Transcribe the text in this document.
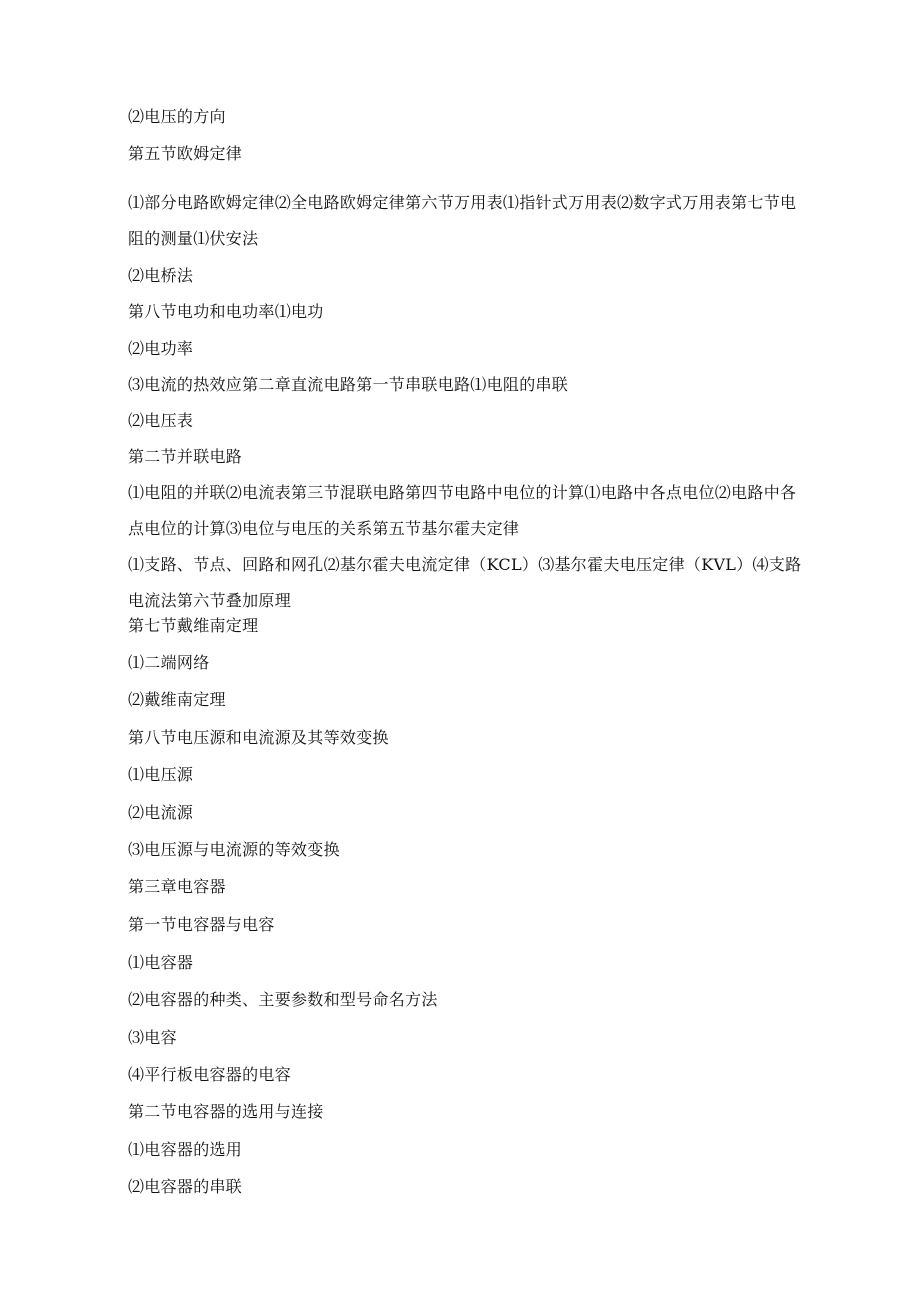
⑵电压的方向
第五节欧姆定律
⑴部分电路欧姆定律⑵全电路欧姆定律第六节万用表⑴指针式万用表⑵数字式万用表第七节电
阻的测量⑴伏安法
⑵电桥法
第八节电功和电功率⑴电功
⑵电功率
⑶电流的热效应第二章直流电路第一节串联电路⑴电阻的串联
⑵电压表
第二节并联电路
⑴电阻的并联⑵电流表第三节混联电路第四节电路中电位的计算⑴电路中各点电位⑵电路中各
点电位的计算⑶电位与电压的关系第五节基尔霍夫定律
⑴支路、节点、回路和网孔⑵基尔霍夫电流定律（KCL）⑶基尔霍夫电压定律（KVL）⑷支路
电流法第六节叠加原理
第七节戴维南定理
⑴二端网络
⑵戴维南定理
第八节电压源和电流源及其等效变换
⑴电压源
⑵电流源
⑶电压源与电流源的等效变换
第三章电容器
第一节电容器与电容
⑴电容器
⑵电容器的种类、主要参数和型号命名方法
⑶电容
⑷平行板电容器的电容
第二节电容器的选用与连接
⑴电容器的选用
⑵电容器的串联
